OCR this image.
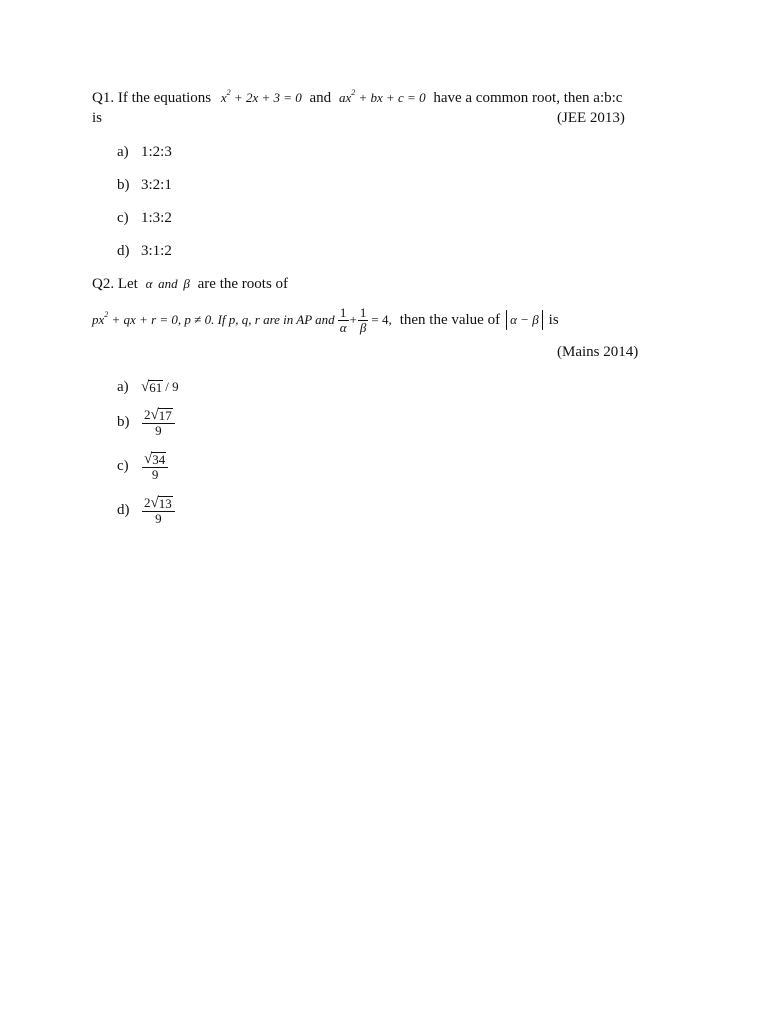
Q1. If the equations $x^2 + 2x + 3 = 0$ and $ax^2$ + bx + c = 0 have a common root, then a:b:c
is	(JEE 2013)
a) 1:2:3
b) 3:2:1
c) 1:3:2
d) 3:1:2
Q2. Let α and β are the roots of
$px^2$ + qx + r = 0, p ≠ 0. If p, q, r are in AP and $\frac{1}{\alpha} + \frac{1}{\beta} = 4$, then the value of α − β is
(Mains 2014)
a) √ 61 / 9
$b) \frac{2 √ 17}{9}$
$c) \frac{√ 34}{9}$
$d) \frac{2 √ 13}{9}$
